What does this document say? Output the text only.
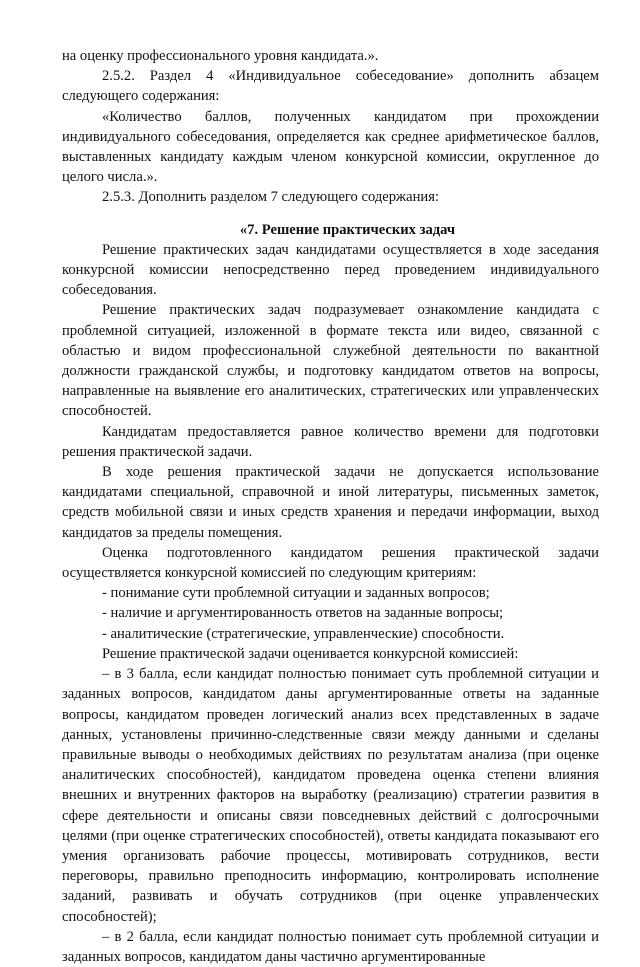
на оценку профессионального уровня кандидата.».

2.5.2. Раздел 4 «Индивидуальное собеседование» дополнить абзацем следующего содержания:

«Количество баллов, полученных кандидатом при прохождении индивидуального собеседования, определяется как среднее арифметическое баллов, выставленных кандидату каждым членом конкурсной комиссии, округленное до целого числа.».

2.5.3. Дополнить разделом 7 следующего содержания:

«7. Решение практических задач

Решение практических задач кандидатами осуществляется в ходе заседания конкурсной комиссии непосредственно перед проведением индивидуального собеседования.

Решение практических задач подразумевает ознакомление кандидата с проблемной ситуацией, изложенной в формате текста или видео, связанной с областью и видом профессиональной служебной деятельности по вакантной должности гражданской службы, и подготовку кандидатом ответов на вопросы, направленные на выявление его аналитических, стратегических или управленческих способностей.

Кандидатам предоставляется равное количество времени для подготовки решения практической задачи.

В ходе решения практической задачи не допускается использование кандидатами специальной, справочной и иной литературы, письменных заметок, средств мобильной связи и иных средств хранения и передачи информации, выход кандидатов за пределы помещения.

Оценка подготовленного кандидатом решения практической задачи осуществляется конкурсной комиссией по следующим критериям:

- понимание сути проблемной ситуации и заданных вопросов;

- наличие и аргументированность ответов на заданные вопросы;

- аналитические (стратегические, управленческие) способности.

Решение практической задачи оценивается конкурсной комиссией:

– в 3 балла, если кандидат полностью понимает суть проблемной ситуации и заданных вопросов, кандидатом даны аргументированные ответы на заданные вопросы, кандидатом проведен логический анализ всех представленных в задаче данных, установлены причинно-следственные связи между данными и сделаны правильные выводы о необходимых действиях по результатам анализа (при оценке аналитических способностей), кандидатом проведена оценка степени влияния внешних и внутренних факторов на выработку (реализацию) стратегии развития в сфере деятельности и описаны связи повседневных действий с долгосрочными целями (при оценке стратегических способностей), ответы кандидата показывают его умения организовать рабочие процессы, мотивировать сотрудников, вести переговоры, правильно преподносить информацию, контролировать исполнение заданий, развивать и обучать сотрудников (при оценке управленческих способностей);

– в 2 балла, если кандидат полностью понимает суть проблемной ситуации и заданных вопросов, кандидатом даны частично аргументированные
